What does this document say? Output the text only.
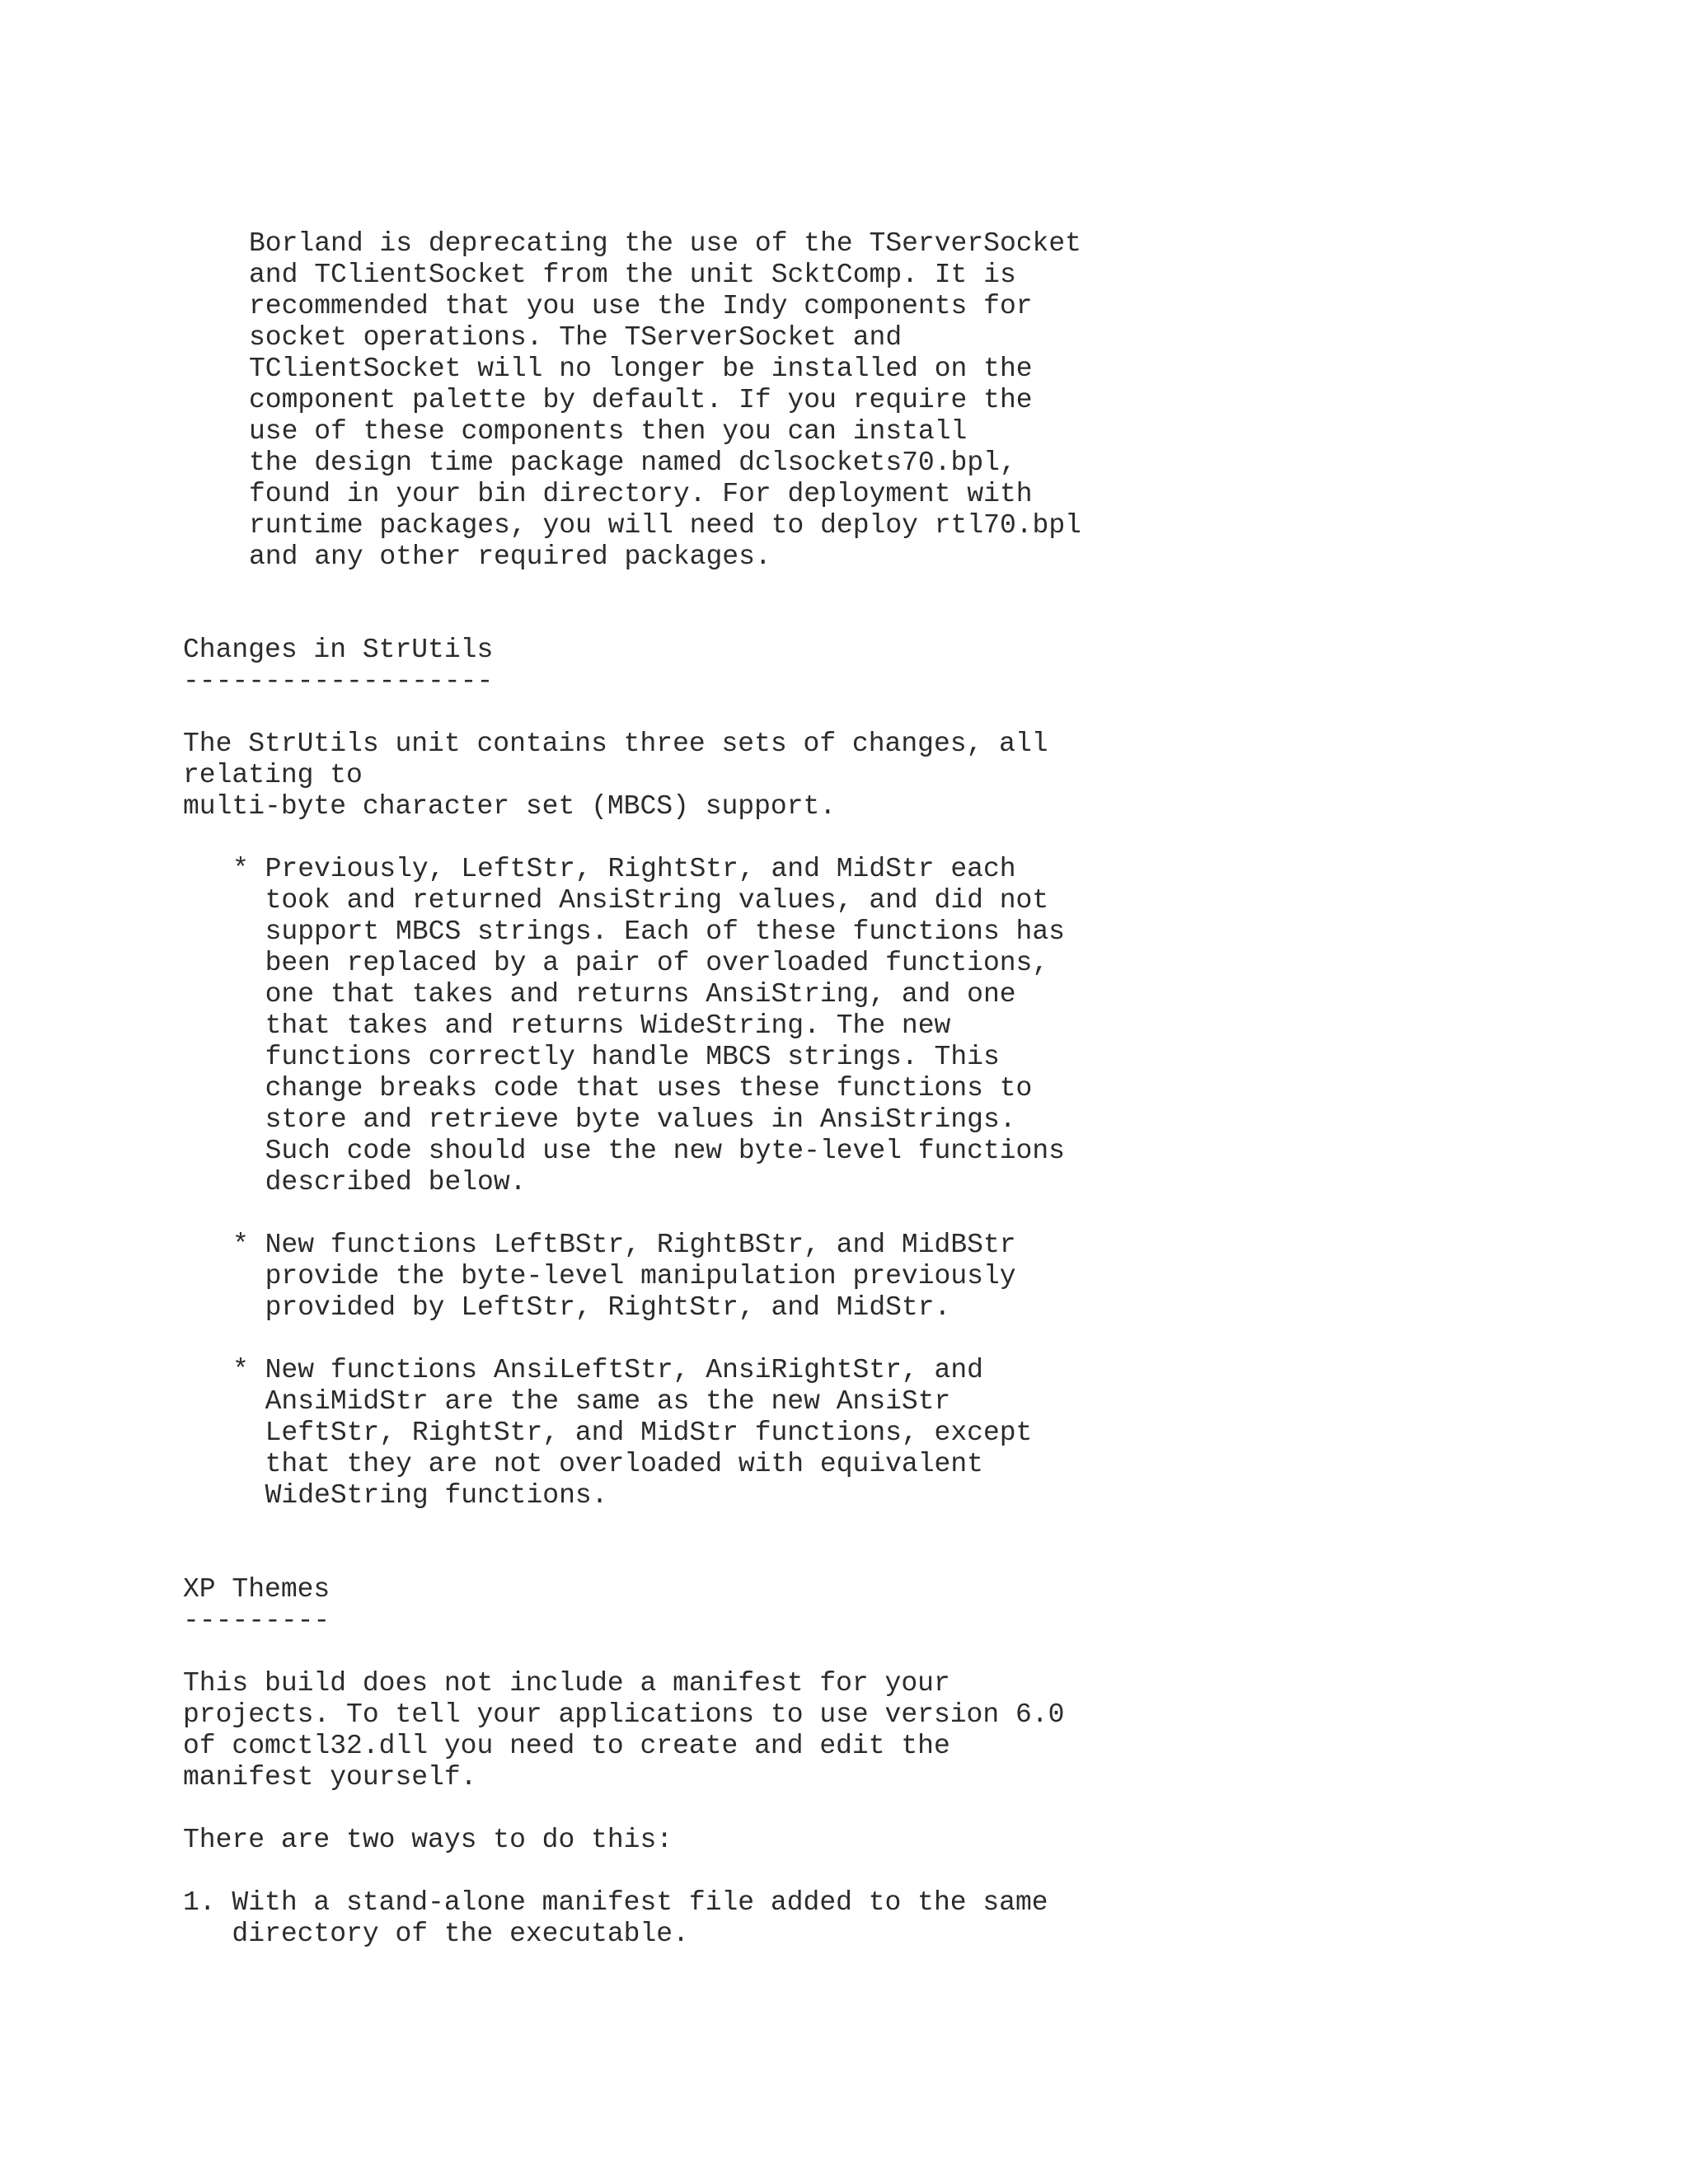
Borland is deprecating the use of the TServerSocket
and TClientSocket from the unit ScktComp. It is
recommended that you use the Indy components for
socket operations. The TServerSocket and
TClientSocket will no longer be installed on the
component palette by default. If you require the
use of these components then you can install
the design time package named dclsockets70.bpl,
found in your bin directory. For deployment with
runtime packages, you will need to deploy rtl70.bpl
and any other required packages.
Changes in StrUtils
-------------------
The StrUtils unit contains three sets of changes, all
relating to
multi-byte character set (MBCS) support.
* Previously, LeftStr, RightStr, and MidStr each
took and returned AnsiString values, and did not
support MBCS strings. Each of these functions has
been replaced by a pair of overloaded functions,
one that takes and returns AnsiString, and one
that takes and returns WideString. The new
functions correctly handle MBCS strings. This
change breaks code that uses these functions to
store and retrieve byte values in AnsiStrings.
Such code should use the new byte-level functions
described below.
* New functions LeftBStr, RightBStr, and MidBStr
provide the byte-level manipulation previously
provided by LeftStr, RightStr, and MidStr.
* New functions AnsiLeftStr, AnsiRightStr, and
AnsiMidStr are the same as the new AnsiStr
LeftStr, RightStr, and MidStr functions, except
that they are not overloaded with equivalent
WideString functions.
XP Themes
---------
This build does not include a manifest for your
projects. To tell your applications to use version 6.0
of comctl32.dll you need to create and edit the
manifest yourself.
There are two ways to do this:
1. With a stand-alone manifest file added to the same
directory of the executable.
